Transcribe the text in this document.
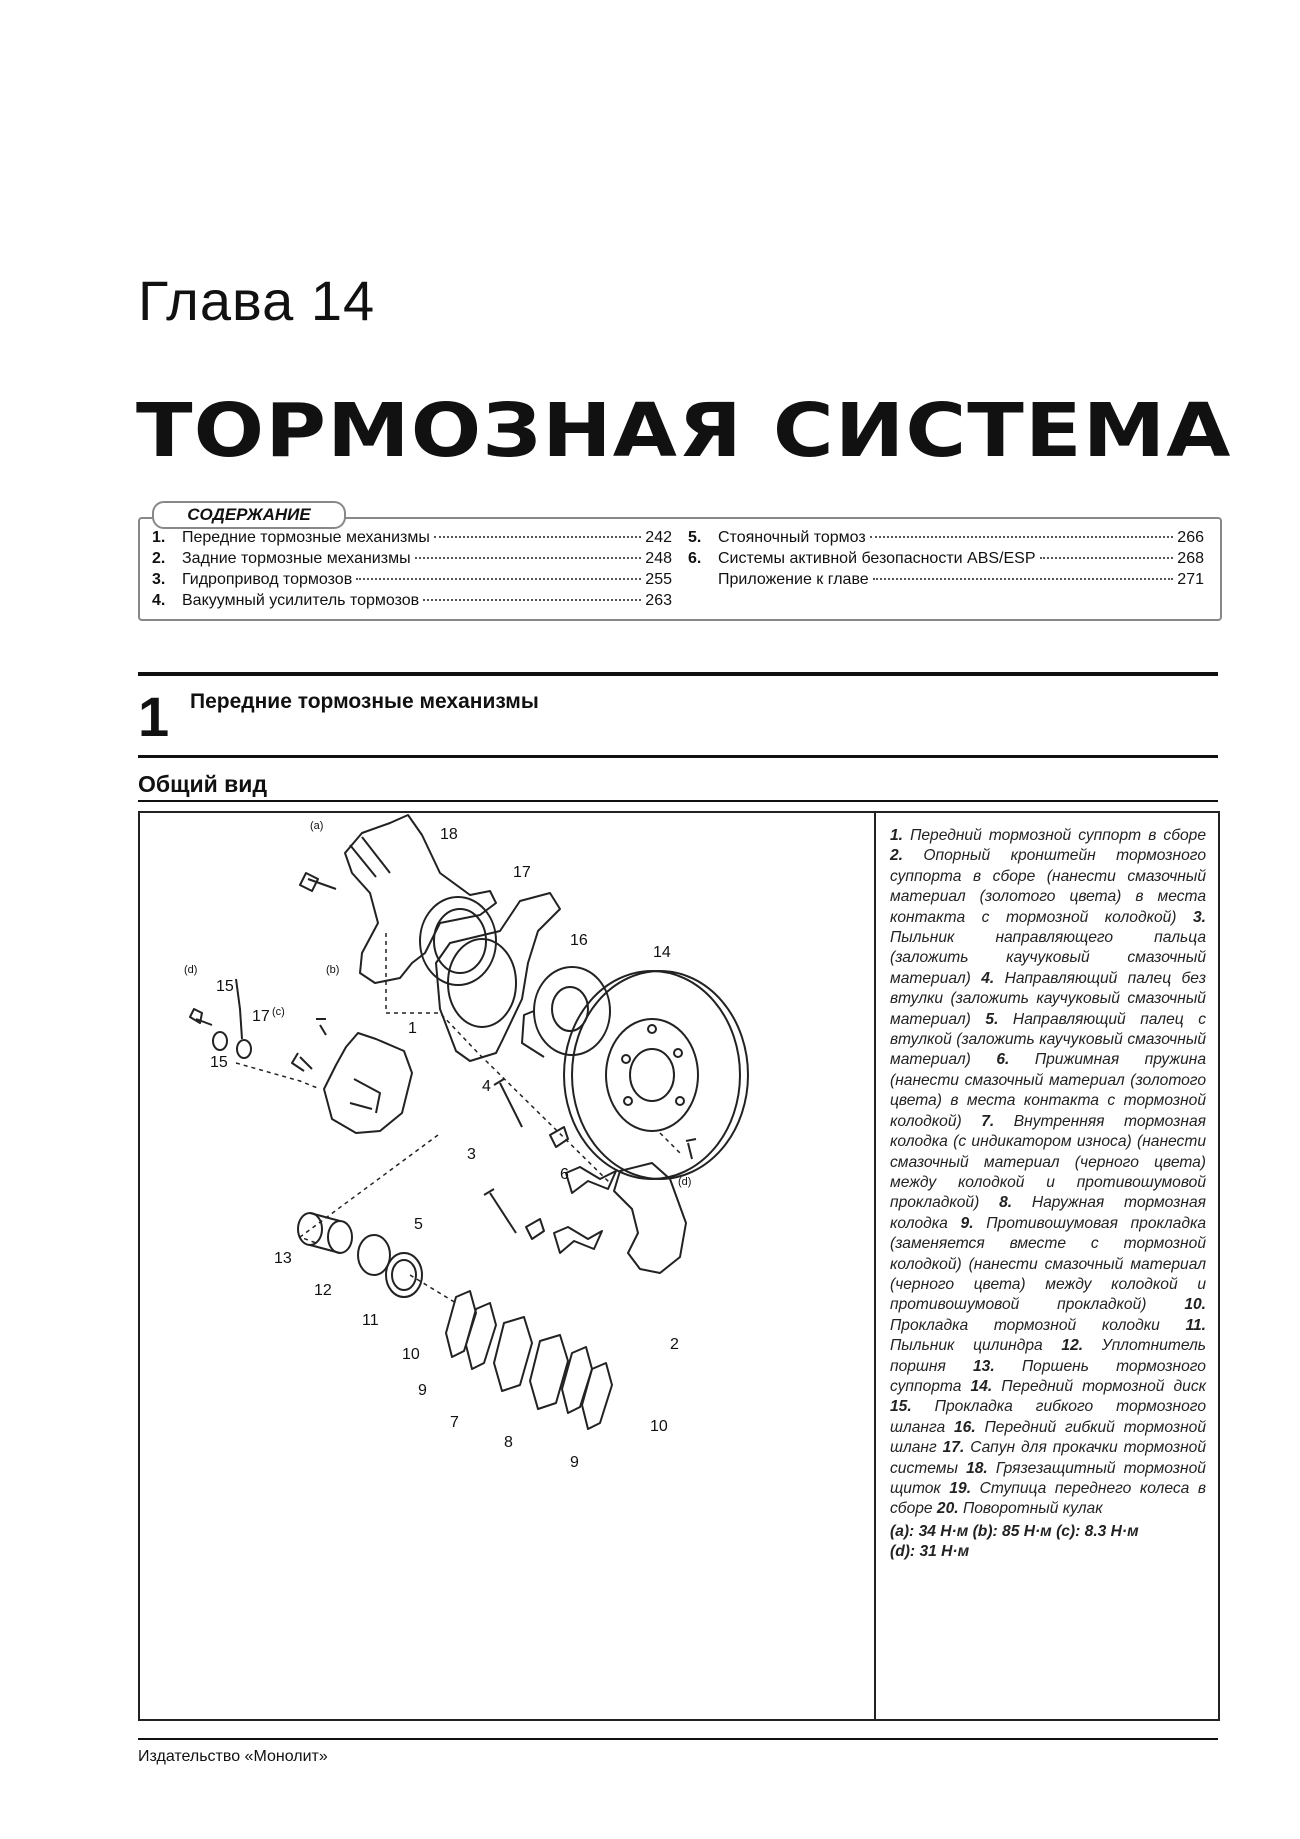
Глава 14
ТОРМОЗНАЯ СИСТЕМА
1.	Передние тормозные механизмы	242
2.	Задние тормозные механизмы	248
3.	Гидропривод тормозов	255
4.	Вакуумный усилитель тормозов	263
5.	Стояночный тормоз	266
6.	Системы активной безопасности ABS/ESP	268
Приложение к главе	271
СОДЕРЖАНИЕ
1 Передние тормозные механизмы
Общий вид
18
17
16
14
15
17
1
15
4
3
6
5
13
12
11
10
2
9
7
8
10
9
(a)
(d)	(b)
(c)
(d)
1. Передний тормозной суппорт в сборе 2. Опорный кронштейн тормозного суппорта в сборе (нанести смазочный материал (золотого цвета) в места контакта с тормозной колодкой) 3. Пыльник направляющего пальца (заложить каучуковый смазочный материал) 4. Направляющий палец без втулки (заложить каучуковый смазочный материал) 5. Направляющий палец с втулкой (заложить каучуковый смазочный материал) 6. Прижимная пружина (нанести смазочный материал (золотого цвета) в места контакта с тормозной колодкой) 7. Внутренняя тормозная колодка (с индикатором износа) (нанести смазочный материал (черного цвета) между колодкой и противошумовой прокладкой) 8. Наружная тормозная колодка 9. Противошумовая прокладка (заменяется вместе с тормозной колодкой) (нанести смазочный материал (черного цвета) между колодкой и противошумовой прокладкой) 10. Прокладка тормозной колодки 11. Пыльник цилиндра 12. Уплотнитель поршня 13. Поршень тормозного суппорта 14. Передний тормозной диск 15. Прокладка гибкого тормозного шланга 16. Передний гибкий тормозной шланг 17. Сапун для прокачки тормозной системы 18. Грязезащитный тормозной щиток 19. Ступица переднего колеса в сборе 20. Поворотный кулак
(a): 34 Н·м (b): 85 Н·м (c): 8.3 Н·м
(d): 31 Н·м
Издательство «Монолит»
